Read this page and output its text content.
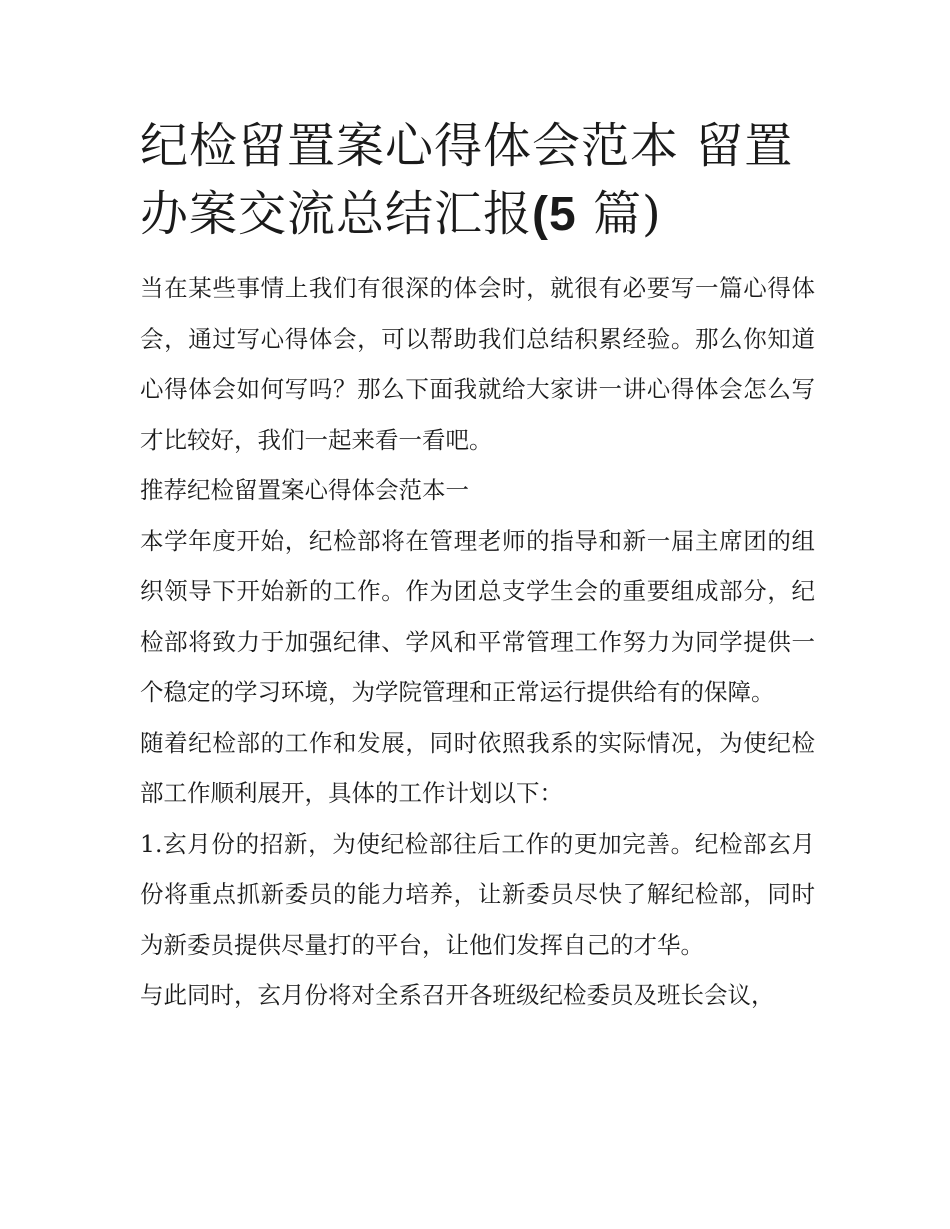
纪检留置案心得体会范本 留置办案交流总结汇报(5 篇)

当在某些事情上我们有很深的体会时，就很有必要写一篇心得体会，通过写心得体会，可以帮助我们总结积累经验。那么你知道心得体会如何写吗？那么下面我就给大家讲一讲心得体会怎么写才比较好，我们一起来看一看吧。

推荐纪检留置案心得体会范本一

本学年度开始，纪检部将在管理老师的指导和新一届主席团的组织领导下开始新的工作。作为团总支学生会的重要组成部分，纪检部将致力于加强纪律、学风和平常管理工作努力为同学提供一个稳定的学习环境，为学院管理和正常运行提供给有的保障。

随着纪检部的工作和发展，同时依照我系的实际情况，为使纪检部工作顺利展开，具体的工作计划以下：

1.玄月份的招新，为使纪检部往后工作的更加完善。纪检部玄月份将重点抓新委员的能力培养，让新委员尽快了解纪检部，同时为新委员提供尽量打的平台，让他们发挥自己的才华。

与此同时，玄月份将对全系召开各班级纪检委员及班长会议，
